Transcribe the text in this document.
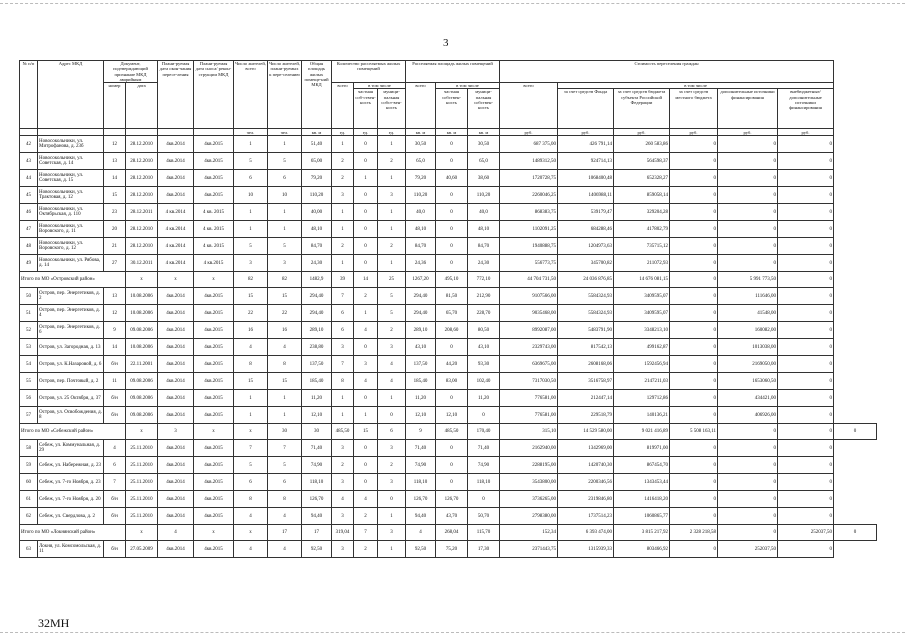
3
№ п/п	Адрес МКД	Документ, подтверждающий признание МКД аварийным		Плани-руемая дата окон-чания пересе-ления	Плани-руемая дата сноса/ рекон-струкции МКД	Число жителей, всего	Число жителей, плани-руемых к пере-селению	Общая площадь жилых помеще-ний МКД	Количество расселяемых жилых помещений			Расселяемая площадь жилых помещений			Стоимость переселения граждан						
		номер	дата						всего	в том числе		всего	в том числе		всего	в том числе					
										частная соб-ствен-ность	муници-пальная собст-вен-ность		частная собствен-ность	муници-пальная собствен-ность		за счет средств Фонда	за счет средств бюджета субъекта Российской Федерации	за счет средств местного бюджета	дополнительные источники финансирования	внебюджетные/ дополнительные источники финансирования	
						чел.	чел.	кв. м	ед.	ед.	ед.	кв. м	кв. м	кв. м	руб.	руб.	руб.	руб.	руб.	руб.	
42	Новосокольники, ул. Митрофанова, д. 23б	12	28.12.2010	4кв.2014	4кв.2015	1	1	51,40	1	0	1	30,50	0	30,50	687 375,00	426 791,14	260 583,86	0	0	0	
43	Новосокольники, ул. Советская, д. 14	13	28.12.2010	4кв.2014	4кв.2015	5	5	65,00	2	0	2	65,0	0	65,0	1489312,50	924714,13	564598,37	0	0	0	
44	Новосокольники, ул. Советская, д. 15	14	28.12.2010	4кв.2014	4кв.2015	6	6	79,20	2	1	1	79,20	40,60	38,60	1720728,75	1068400,48	652328,27	0	0	0	
45	Новосокольники, ул. Трактовая, д. 12	15	28.12.2010	4кв.2014	4кв.2015	10	10	110,20	3	0	3	110,20	0	110,20	2260046,25	1406988,11	859058,14	0	0	0	
46	Новосокольники, ул. Октябрьская, д. 110	23	28.12.2011	4 кв.2014	4 кв. 2015	1	1	40,00	1	0	1	40,0	0	40,0	868383,75	539179,47	329204,28	0	0	0	
47	Новосокольники, ул. Воровского, д. 11	20	28.12.2010	4 кв.2014	4 кв. 2015	1	1	48,10	1	0	1	48,10	0	48,10	1102091,25	684288,46	417802,79	0	0	0	
48	Новосокольники, ул. Воровского, д. 12	21	28.12.2010	4 кв.2014	4 кв. 2015	5	5	84,70	2	0	2	84,70	0	84,70	1940888,75	1204973,63	735715,12	0	0	0	
49	Новосокольники, ул. Рябова, д. 14	27	30.12.2011	4 кв.2014	4 кв.2015	3	3	24,30	1	0	1	24,36	0	24,30	556773,75	345700,82	211072,93	0	0	0	
Итого по МО «Островский район»			x	x	x	82	82	1482,9	39	14	25	1267,20	495,10	772,10	44 704 731,50	24 036 876,85	14 676 081,15	0	5 991 773,50	0	
50	Остров, пер. Энергетиков, д. 2	13	10.08.2006	4кв.2014	4кв.2015	15	15	294,40	7	2	5	294,40	81,50	212,90	9107566,00	5584324,93	3409595,07	0	111646,00	0	
51	Остров, пер. Энергетиков, д. 4	12	10.08.2006	4кв.2014	4кв.2015	22	22	294,40	6	1	5	294,40	65,70	228,70	9035468,00	5584324,93	3409595,07	0	41548,00	0	
52	Остров, пер. Энергетиков, д. 6	9	09.08.2006	4кв.2014	4кв.2015	16	16	289,10	6	4	2	289,10	208,60	80,50	8992087,00	5483791,90	3348213,10	0	160082,00	0	
53	Остров, ул. Загородная, д. 13	14	10.08.2006	4кв.2014	4кв.2015	4	4	238,80	3	0	3	43,10	0	43,10	2329743,00	817542,13	499162,87	0	1013038,00	0	
54	Остров, ул. К.Назаровой, д. 6	б/н	22.11.2001	4кв.2014	4кв.2015	8	8	137,50	7	3	4	137,50	44,20	93,30	6369675,00	2608168,06	1592456,94	0	2169050,00	0	
55	Остров, пер. Почтовый, д. 2	11	09.08.2006	4кв.2014	4кв.2015	15	15	185,40	8	4	4	185,40	83,00	102,40	7317030,50	3516758,97	2147211,03	0	1653060,50	0	
56	Остров, ул. 25 Октября, д. 37	б/н	09.08.2006	4кв.2014	4кв.2015	1	1	11,20	1	0	1	11,20	0	11,20	776581,00	212447,14	129712,86	0	434421,00	0	
57	Остров, ул. Освобождения, д. 8	б/н	09.08.2006	4кв.2014	4кв.2015	1	1	12,10	1	1	0	12,10	12,10	0	776581,00	229518,79	140136,21	0	406926,00	0	
Итого по МО «Себежский район»			x	3	x	x	30	30	485,50	15	6	9	485,50	170,40	315,10	14 529 580,00	9 021 416,89	5 508 163,11	0	0	0
58	Себеж, ул. Коммунальная, д. 29	4	25.11.2010	4кв.2014	4кв.2015	7	7	71,40	3	0	3	71,40	0	71,40	2162940,00	1342969,00	819971,00	0	0	0	
59	Себеж, ул. Набережная, д. 23	6	25.11.2010	4кв.2014	4кв.2015	5	5	74,90	2	0	2	74,90	0	74,90	2288195,00	1420740,30	867454,70	0	0	0	
60	Себеж, ул. 7-го Ноября, д. 23	7	25.11.2010	4кв.2014	4кв.2015	6	6	118,10	3	0	3	118,10	0	118,10	3543800,00	2200346,56	1343453,44	0	0	0	
61	Себеж, ул. 7-го Ноября, д. 20	б/н	25.11.2010	4кв.2014	4кв.2015	8	8	126,70	4	4	0	126,70	126,70	0	3736265,00	2319846,80	1416418,20	0	0	0	
62	Себеж, ул. Свердлова, д. 2	б/н	25.11.2010	4кв.2014	4кв.2015	4	4	94,40	3	2	1	94,40	43,70	50,70	2798380,00	1737514,23	1060865,77	0	0	0	
Итого по МО «Локнянский район»			x	4	x	x	17	17	319,04	7	3	4	268,04	115,70	152,34	6 393 474,00	3 815 217,92	2 328 218,58	0	252037,50	0
63	Локня, ул. Комсомольская, д. 11	б/н	27.05.2009	4кв.2014	4кв.2015	4	4	92,50	3	2	1	92,50	75,20	17,30	2371443,75	1315939,33	803466,92	0	252037,50	0	
32МН
